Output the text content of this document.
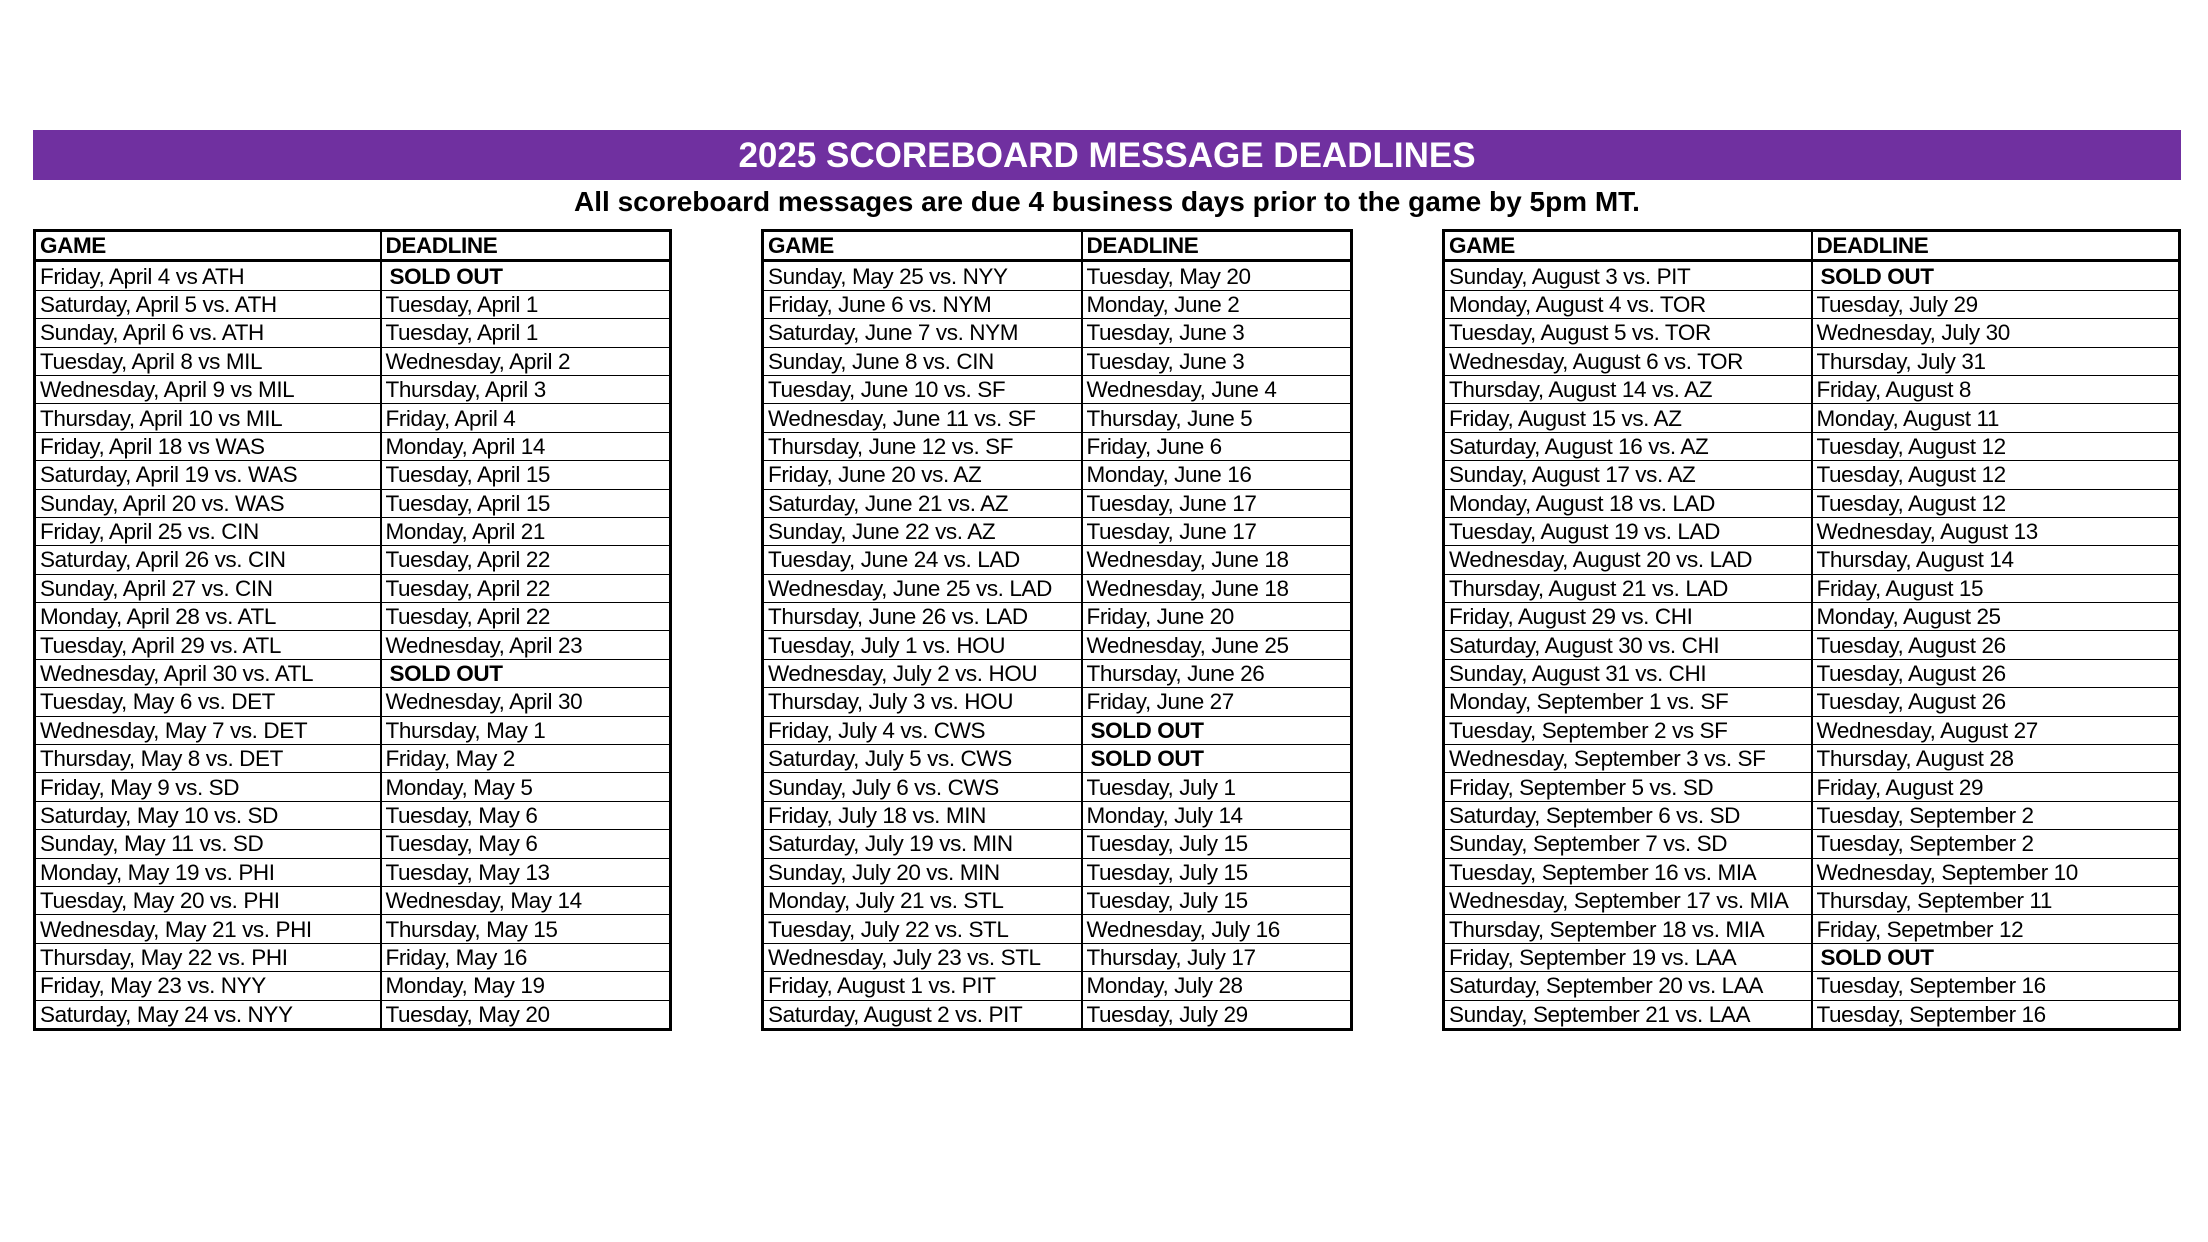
2025 SCOREBOARD MESSAGE DEADLINES
All scoreboard messages are due 4 business days prior to the game by 5pm MT.
GAME	DEADLINE
Friday, April 4 vs ATH	SOLD OUT
Saturday, April 5 vs. ATH	Tuesday, April 1
Sunday, April 6 vs. ATH	Tuesday, April 1
Tuesday, April 8 vs MIL	Wednesday, April 2
Wednesday, April 9 vs MIL	Thursday, April 3
Thursday, April 10 vs MIL	Friday, April 4
Friday, April 18 vs WAS	Monday, April 14
Saturday, April 19 vs. WAS	Tuesday, April 15
Sunday, April 20 vs. WAS	Tuesday, April 15
Friday, April 25 vs. CIN	Monday, April 21
Saturday, April 26 vs. CIN	Tuesday, April 22
Sunday, April 27 vs. CIN	Tuesday, April 22
Monday, April 28 vs. ATL	Tuesday, April 22
Tuesday, April 29 vs. ATL	Wednesday, April 23
Wednesday, April 30 vs. ATL	SOLD OUT
Tuesday, May 6 vs. DET	Wednesday, April 30
Wednesday, May 7 vs. DET	Thursday, May 1
Thursday, May 8 vs. DET	Friday, May 2
Friday, May 9 vs. SD	Monday, May 5
Saturday, May 10 vs. SD	Tuesday, May 6
Sunday, May 11 vs. SD	Tuesday, May 6
Monday, May 19 vs. PHI	Tuesday, May 13
Tuesday, May 20 vs. PHI	Wednesday, May 14
Wednesday, May 21 vs. PHI	Thursday, May 15
Thursday, May 22 vs. PHI	Friday, May 16
Friday, May 23 vs. NYY	Monday, May 19
Saturday, May 24 vs. NYY	Tuesday, May 20
GAME	DEADLINE
Sunday, May 25 vs. NYY	Tuesday, May 20
Friday, June 6 vs. NYM	Monday, June 2
Saturday, June 7 vs. NYM	Tuesday, June 3
Sunday, June 8 vs. CIN	Tuesday, June 3
Tuesday, June 10 vs. SF	Wednesday, June 4
Wednesday, June 11 vs. SF	Thursday, June 5
Thursday, June 12 vs. SF	Friday, June 6
Friday, June 20 vs. AZ	Monday, June 16
Saturday, June 21 vs. AZ	Tuesday, June 17
Sunday, June 22 vs. AZ	Tuesday, June 17
Tuesday, June 24 vs. LAD	Wednesday, June 18
Wednesday, June 25 vs. LAD	Wednesday, June 18
Thursday, June 26 vs. LAD	Friday, June 20
Tuesday, July 1 vs. HOU	Wednesday, June 25
Wednesday, July 2 vs. HOU	Thursday, June 26
Thursday, July 3 vs. HOU	Friday, June 27
Friday, July 4 vs. CWS	SOLD OUT
Saturday, July 5 vs. CWS	SOLD OUT
Sunday, July 6 vs. CWS	Tuesday, July 1
Friday, July 18 vs. MIN	Monday, July 14
Saturday, July 19 vs. MIN	Tuesday, July 15
Sunday, July 20 vs. MIN	Tuesday, July 15
Monday, July 21 vs. STL	Tuesday, July 15
Tuesday, July 22 vs. STL	Wednesday, July 16
Wednesday, July 23 vs. STL	Thursday, July 17
Friday, August 1 vs. PIT	Monday, July 28
Saturday, August 2 vs. PIT	Tuesday, July 29
GAME	DEADLINE
Sunday, August 3 vs. PIT	SOLD OUT
Monday, August 4 vs. TOR	Tuesday, July 29
Tuesday, August 5 vs. TOR	Wednesday, July 30
Wednesday, August 6 vs. TOR	Thursday, July 31
Thursday, August 14 vs. AZ	Friday, August 8
Friday, August 15 vs. AZ	Monday, August 11
Saturday, August 16 vs. AZ	Tuesday, August 12
Sunday, August 17 vs. AZ	Tuesday, August 12
Monday, August 18 vs. LAD	Tuesday, August 12
Tuesday, August 19 vs. LAD	Wednesday, August 13
Wednesday, August 20 vs. LAD	Thursday, August 14
Thursday, August 21 vs. LAD	Friday, August 15
Friday, August 29 vs. CHI	Monday, August 25
Saturday, August 30 vs. CHI	Tuesday, August 26
Sunday, August 31 vs. CHI	Tuesday, August 26
Monday, September 1 vs. SF	Tuesday, August 26
Tuesday, September 2 vs SF	Wednesday, August 27
Wednesday, September 3 vs. SF	Thursday, August 28
Friday, September 5 vs. SD	Friday, August 29
Saturday, September 6 vs. SD	Tuesday, September 2
Sunday, September 7 vs. SD	Tuesday, September 2
Tuesday, September 16 vs. MIA	Wednesday, September 10
Wednesday, September 17 vs. MIA	Thursday, September 11
Thursday, September 18 vs. MIA	Friday, Sepetmber 12
Friday, September 19 vs. LAA	SOLD OUT
Saturday, September 20 vs. LAA	Tuesday, September 16
Sunday, September 21 vs. LAA	Tuesday, September 16
